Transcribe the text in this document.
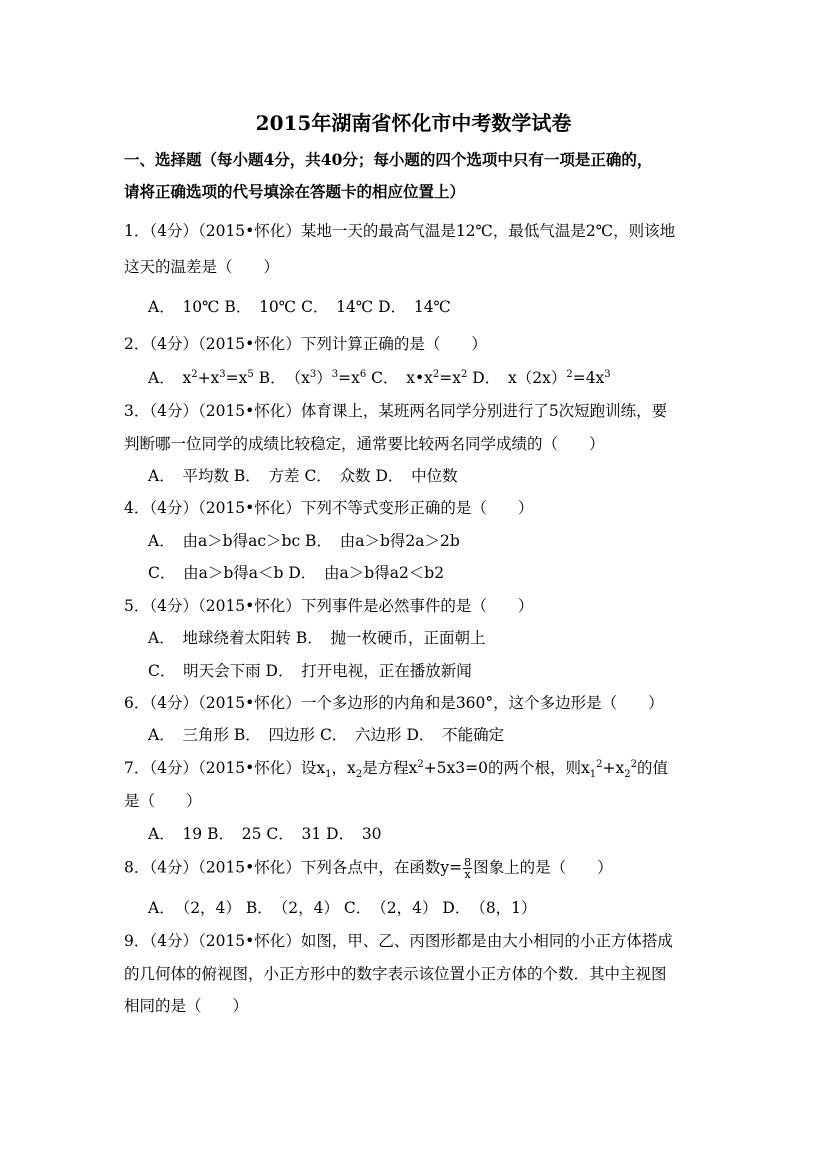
2015年湖南省怀化市中考数学试卷
一、选择题（每小题4分，共40分；每小题的四个选项中只有一项是正确的，
请将正确选项的代号填涂在答题卡的相应位置上）
1．（4分）（2015•怀化）某地一天的最高气温是12℃，最低气温是2℃，则该地
这天的温差是（　　）
A．　10℃ B．　10℃ C．　14℃ D．　14℃
2．（4分）（2015•怀化）下列计算正确的是（　　）
A．　$x^2+x^3=x^5$ B．　$(x^3)^3=x^6$ C．　$x•x^2=x^2$ D．　$x(2x)^2=4x^3$
3．（4分）（2015•怀化）体育课上，某班两名同学分别进行了5次短跑训练，要
判断哪一位同学的成绩比较稳定，通常要比较两名同学成绩的（　　）
A．　平均数 B．　方差 C．　众数 D．　中位数
4．（4分）（2015•怀化）下列不等式变形正确的是（　　）
A．　由a＞b得ac＞bc B．　由a＞b得2a＞2b
C．　由a＞b得a＜b D．　由a＞b得a2＜b2
5．（4分）（2015•怀化）下列事件是必然事件的是（　　）
A．　地球绕着太阳转 B．　抛一枚硬币，正面朝上
C．　明天会下雨 D．　打开电视，正在播放新闻
6．（4分）（2015•怀化）一个多边形的内角和是360°，这个多边形是（　　）
A．　三角形 B．　四边形 C．　六边形 D．　不能确定
7．（4分）（2015•怀化）设$x_1$，$x_2$是方程$x^2+5x3=0$的两个根，则$x_1^2+x_2^2$的值
是（　　）
A．　19 B．　25 C．　31 D．　30
8．（4分）（2015•怀化）下列各点中，在函数$y= \frac{8}{x}$ 图象上的是（　　）
A．　（2，4） B．　（2，4） C．　（2，4） D．　（8，1）
9．（4分）（2015•怀化）如图，甲、乙、丙图形都是由大小相同的小正方体搭成
的几何体的俯视图，小正方形中的数字表示该位置小正方体的个数．其中主视图
相同的是（　　）
